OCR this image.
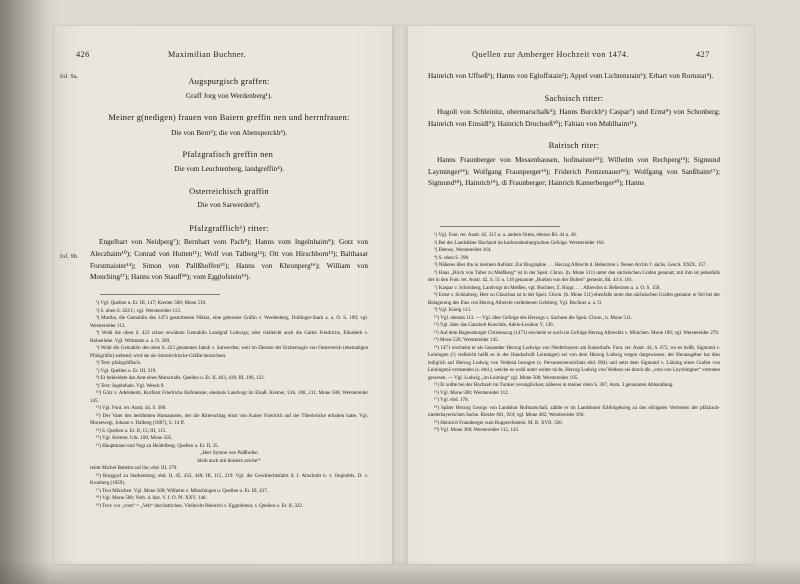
426	Maximilian Buchner.
fol. 9a.
fol. 9b.
Augspurgisch graffen:
Graff Jorg von Werdenberg¹).
Meiner g(nedigen) frauen von Baiern greffin nen und herrnfrauen:
Die von Bern²); die von Abensperckh³).
Pfalzgrafisch greffin nen
Die vom Leuchtenberg, landgreffin⁴).
Osterreichisch graffin
Die von Sarwerden⁵).
Pfalzgrafflich⁶) ritter:
Engelhart von Neidperg⁷); Bernhart vom Pach⁸); Hanns vom Ingelnhaim⁹); Gotz von Aleczhaim¹⁰); Conrad von Hutten¹¹); Wolf von Talberg¹²); Ott von Hirschhorn¹³); Balthasar Forstmaister¹⁴); Simon von Pallßhoffen¹⁵); Hanns von Khronperg¹⁶); William von Monching¹⁷); Hanns von Stauff¹⁸); vom Egglofstein¹⁹).

¹) Vgl. Quellen u. Er. III, 147; Kremer 508; Mone 518.

²) S. oben S. 424 f.; vgl. Werstereider 113.

³) Martha, die Gemahlin des 1473 gestorbenen Niklas, eine geborene Gräfin v. Werdenberg. Dollinger-Stark a. a. O. S. 189; vgl. Werstereider 113.

⁴) Wohl die oben S. 423 schon erwähnte Gemahlin Landgraf Ludwigs; oder vielleicht auch die Gattin Friedrichs, Elisabeth v. Hohenlohe. Vgl. Wittmann a. a. O. 289.

⁵) Wohl die Gemahlin des oben S. 423 genannten Jakob v. Sarwerden; weil im Dienste der Erzherzogin von Oesterreich (ehemaligen Pfalzgräfin) stehend, wird sie als österreichische Gräfin bezeichnet.

⁶) Text: pfalzgräflisch.

⁷) Vgl. Quellen u. Er. III, 219.

⁸) Er bekleidete das Amt eines Marschalls. Quellen u. Er. II, 403, 418; III, 196, 122.

⁹) Text: Ingelnhain. Vgl. Wesch 9.

¹⁰) Götz v. Adelsheim, Kurfürst Friedrichs Hofmeister, ehemals Landvogt im Elsaß. Kremer, Urk. 108, 211; Mone 508; Werstereider 145.

¹¹) Vgl. Font. rer. Austr. 44, S. 388.

¹²) Der Vater des berühmten Humanisten, der die Ritterschlag einst von Kaiser Friedrich auf der Tiberbrücke erhalten hatte. Vgl. Morsewegi, Johann v. Dalberg (1887), S. 14 ff.

¹³) S. Quellen u. Er. II, 15; III, 115.

¹⁴) Vgl. Kremer, Urk. 100; Mone 505.

¹⁵) Hauptmann und Vogt zu Heidelberg. Quellen u. Er. II, 35.

„Herr Symon von Palßhofen

bleib auch mit hindern zeiche¹⁴

reimt Michel Beheim auf ihn; ebd. III, 279.

¹⁶) Burggraf zu Starkenburg; ebd. II, 45, 433, 448; III, 115, 219. Vgl. die Geschlechtsfahrt d. J. Abschnitt b. v. Oeginfels, D. v. Kronberg (1859).

¹⁷) Text Mönchen. Vgl. Mone 508; Wilhelm v. Mönchingen u. Quellen u. Er. III, 437.

¹⁸) Vgl. Mone 508; Verb. d. hist. V. f. O. Pf. XXV, 146.

¹⁹) Text: vor „vom“ = „Velt“ durchstrichen. Vielleicht Heinrich v. Egglofstein; s. Quellen u. Er. II, 322.

Quellen zur Amberger Hochzeit von 1474.	427
Hainrich von Uffseß¹); Hanns von Egloffstain²); Appel vom Lichtenstain³); Erhart von Rornstat⁴).
Sachsisch ritter:
Hugolt von Schleinitz, obermarschalk⁵); Hanns Burckh⁶) Caspar⁷) und Ernst⁸) von Schonberg; Hainrich von Einsidl⁹); Hainrich Druchseß¹⁰); Fabian von Muhlhaim¹¹).
Bairisch riter:
Hanns Fraunberger von Messenhausen, hofmaister¹²); Wilhelm von Rechperg¹³); Sigmund Layminger¹⁴); Wolfgang Fraunperger¹⁵); Friderich Pentzenauer¹⁶); Wolfgang von Sanßhaim¹⁷); Sigmund¹⁸), Hainrich¹⁹), di Fraunberger; Hainrich Kamerberger²⁰); Hanns

¹) Vgl. Font. rer. Austr. 42, 315 u. a. andern Orten, ebenso ßd. 44 u. 46.

²) Bei der Landshäter Hochzeit im kurbrandenburgischen Gefolge. Werstereider 164.

³) Ebenso, Werstereider 164.

⁴) S. oben S. 398.

⁵) Näheres über ihn in meinem Aufsatz: Zur Biographie . . . Herzog Albrecht d. Beherzten i. Neuen Archiv f. sächs. Gesch. XXIX, 157.

⁶) Hans „Birck von Tuber zu Meißberg“ ist in der Speir. Chron. (h. Mone 511) unter den sächsischen Grafen genannt; mit ihm ist jedenfalls der in den Font. rer. Austr. 42, S. 51 u. 118 genannte „Burken von der Duben“ gemeint, ßd. 44 S. 161.

⁷) Kaspar v. Schönberg, Landvogt im Meißen, vgl. Buchner, Z. Biogr. . . . Albrechts d. Beherzten a. a. O. S. 158.

⁸) Ernst v. Schönberg. Herr zu Glauchau ist in der Speir. Chron. (h. Mone 511) ebenfalls unter den sächsischen Grafen genannt; er fiel bei der Belagerung des Ihus von Herzog Albrecht verliehenen Gelsberg. Vgl. Buchner a. a. O.

⁹) Vgl. König 113.

¹⁰) Vgl. ebenda 113. — Vgl. über Gefolge des Herzogs v. Sachsen die Speir. Chron., h. Mone 511.

¹¹) Vgl. über das Ganzheit Knechtle, Adels-Lexikon V, 136.

¹²) Auf dem Regensburger Christenzug (1471) erscheint er noch im Gefolge Herzog Albrechts v. München. Mone 189; vgl. Werstereider 279.

¹³) Mone 528; Werstereider 145.

¹⁴) 1471 erscheint er als Gesandter Herzog Ludwigs von Niederbayern am Kaiserhofe. Font. rer. Austr. 44, S. 672, wo es heißt, Sigmund v. Leiningen (!) vielleicht heißt es in der Handschrift Leiminger) sei von dem Herzog Ludwig wegen dargewiesen; der Herausgeber hat dies lediglich auf Herzog Ludwig von Veldenä bezogen (s. Personenverzeichnis ebd. 694) und setzt dem Sigmund v. Läining eines Grafen von Leiningenä verstanden (s. ebd.), welche es wohl unter weiter nicht, Herzog Ludwig von Veldenz sei durch die „vera von Leychingner“ vertreten gewesen. — Vgl. Ludwig „im Leiming“ vgl. Mone 508; Werstereider 195.

¹⁵) Er sollte bei der Hochzeit im Turnier verunglücken; näheres in meiner oben S. 387, Anm. 3 genannten Abhandlung.

¹⁶) Vgl. Mone 508; Werstereider 112.

¹⁷) Vgl. ebd. 178.

¹⁸) Später Herzog Georgs von Landshut Hofmarschall, zählte er im Landshuter Erbfolgekrieg zu den eifrigsten Vertretern der pfälzisch-niederbayerischen Sache. Riezler 601, 924; vgl. Mone 482; Werstereider 160.

¹⁹) Heinrich Fraunberger zum Rupprechtstein. M. B. XVII, 326.

²⁰) Vgl. Mone 388; Werstereider 112, 145.
